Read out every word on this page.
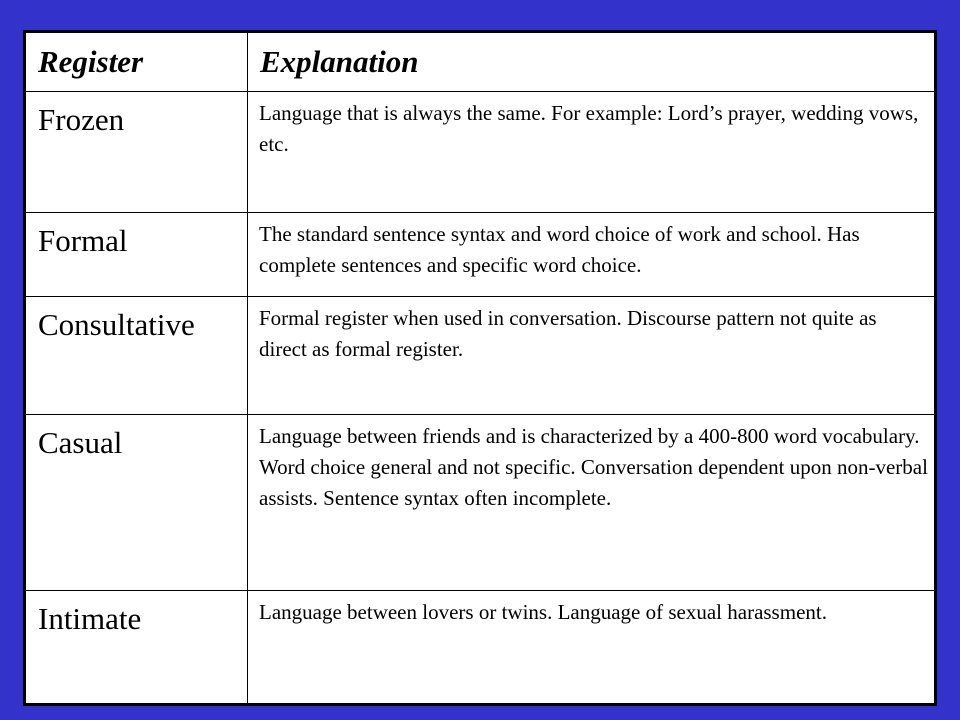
Register	Explanation
Frozen	Language that is always the same. For example: Lord’s prayer, wedding vows, etc.
Formal	The standard sentence syntax and word choice of work and school. Has complete sentences and specific word choice.
Consultative	Formal register when used in conversation. Discourse pattern not quite as direct as formal register.
Casual	Language between friends and is characterized by a 400-800 word vocabulary. Word choice general and not specific. Conversation dependent upon non-verbal assists. Sentence syntax often incomplete.
Intimate	Language between lovers or twins. Language of sexual harassment.
